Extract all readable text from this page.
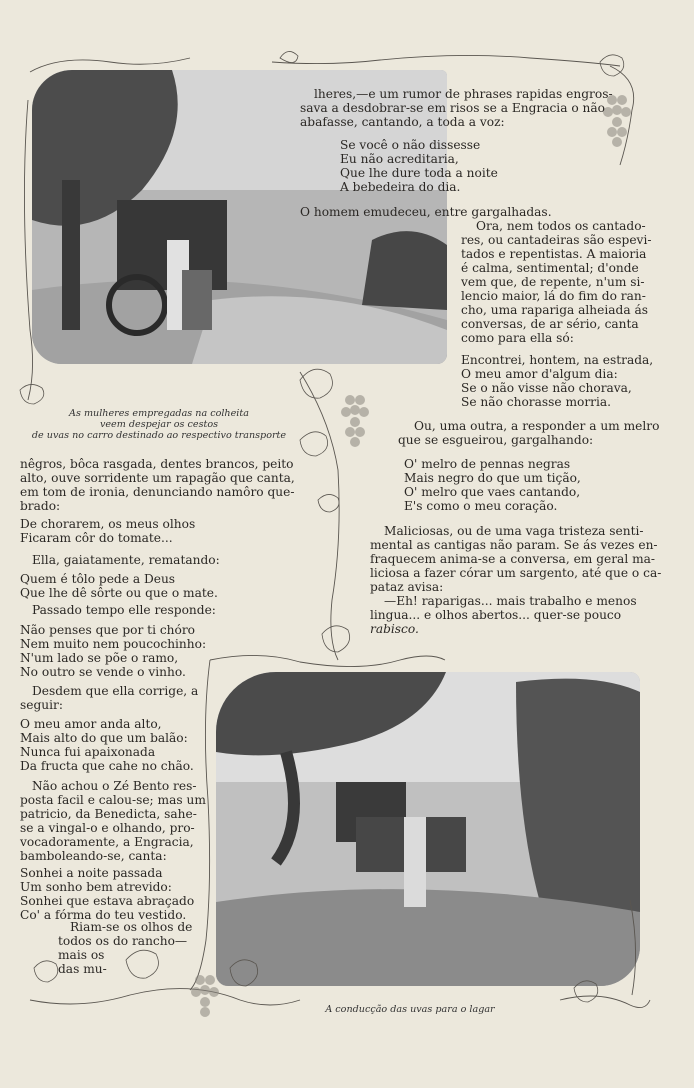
As mulheres empregadas na colheita

veem despejar os cestos

de uvas no carro destinado ao respectivo transporte

A conducção das uvas para o lagar

lheres,—e um rumor de phrases rapidas engros-

sava a desdobrar-se em risos se a Engracia o não

abafasse, cantando, a toda a voz:

Se você o não dissesse

Eu não acreditaria,

Que lhe dure toda a noite

A bebedeira do dia.

O homem emudeceu, entre gargalhadas.

Ora, nem todos os cantado-

res, ou cantadeiras são espevi-

tados e repentistas. A maioria

é calma, sentimental; d'onde

vem que, de repente, n'um si-

lencio maior, lá do fim do ran-

cho, uma rapariga alheiada ás

conversas, de ar sério, canta

como para ella só:

Encontrei, hontem, na estrada,

O meu amor d'algum dia:

Se o não visse não chorava,

Se não chorasse morria.

Ou, uma outra, a responder a um melro

que se esgueirou, gargalhando:

O' melro de pennas negras

Mais negro do que um tição,

O' melro que vaes cantando,

E's como o meu coração.

Maliciosas, ou de uma vaga tristeza senti-

mental as cantigas não param. Se ás vezes en-

fraquecem anima-se a conversa, em geral ma-

liciosa a fazer córar um sargento, até que o ca-

pataz avisa:

—Eh! raparigas... mais trabalho e menos

lingua... e olhos abertos... quer-se pouco

rabisco.

nêgros, bôca rasgada, dentes brancos, peito

alto, ouve sorridente um rapagão que canta,

em tom de ironia, denunciando namôro que-

brado:

De chorarem, os meus olhos

Ficaram côr do tomate...

Ella, gaiatamente, rematando:

Quem é tôlo pede a Deus

Que lhe dê sôrte ou que o mate.

Passado tempo elle responde:

Não penses que por ti chóro

Nem muito nem poucochinho:

N'um lado se põe o ramo,

No outro se vende o vinho.

Desdem que ella corrige, a

seguir:

O meu amor anda alto,

Mais alto do que um balão:

Nunca fui apaixonada

Da fructa que cahe no chão.

Não achou o Zé Bento res-

posta facil e calou-se; mas um

patricio, da Benedicta, sahe-

se a vingal-o e olhando, pro-

vocadoramente, a Engracia,

bamboleando-se, canta:

Sonhei a noite passada

Um sonho bem atrevido:

Sonhei que estava abraçado

Co' a fórma do teu vestido.

Riam-se os olhos de

todos os do rancho—

mais os

das mu-
